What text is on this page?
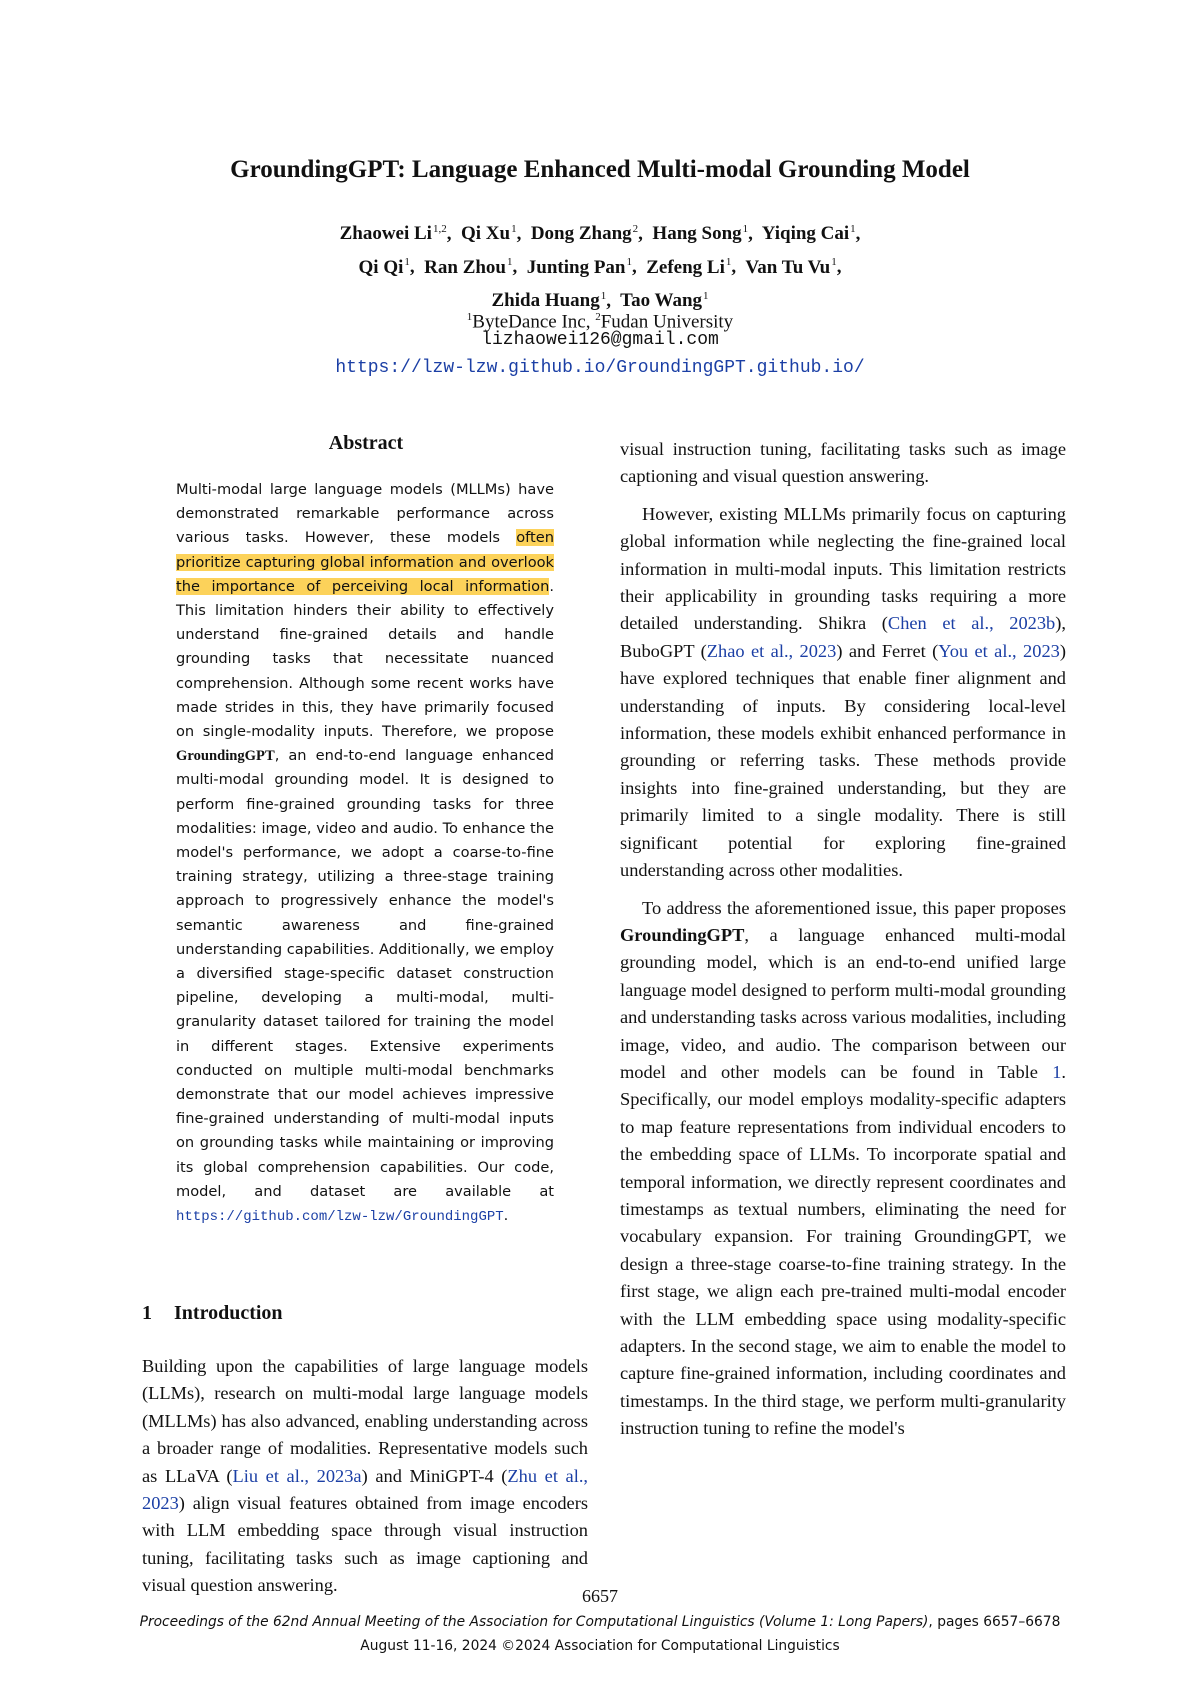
GroundingGPT: Language Enhanced Multi-modal Grounding Model
Zhaowei Li$^{1,2}$,  Qi Xu$^1$,  Dong Zhang$^2$,  Hang Song$^1$,  Yiqing Cai$^1$,
Qi Qi$^1$,  Ran Zhou$^1$,  Junting Pan$^1$,  Zefeng Li$^1$,  Van Tu Vu$^1$,
Zhida Huang$^1$,  Tao Wang$^1$
$^1$ByteDance Inc, $^2$Fudan University
lizhaowei126@gmail.com
https://lzw-lzw.github.io/GroundingGPT.github.io/
Abstract
Multi-modal large language models (MLLMs) have demonstrated remarkable performance across various tasks. However, these models often prioritize capturing global information and overlook the importance of perceiving local information. This limitation hinders their ability to effectively understand fine-grained details and handle grounding tasks that necessitate nuanced comprehension. Although some recent works have made strides in this, they have primarily focused on single-modality inputs. Therefore, we propose GroundingGPT, an end-to-end language enhanced multi-modal grounding model. It is designed to perform fine-grained grounding tasks for three modalities: image, video and audio. To enhance the model's performance, we adopt a coarse-to-fine training strategy, utilizing a three-stage training approach to progressively enhance the model's semantic awareness and fine-grained understanding capabilities. Additionally, we employ a diversified stage-specific dataset construction pipeline, developing a multi-modal, multi-granularity dataset tailored for training the model in different stages. Extensive experiments conducted on multiple multi-modal benchmarks demonstrate that our model achieves impressive fine-grained understanding of multi-modal inputs on grounding tasks while maintaining or improving its global comprehension capabilities. Our code, model, and dataset are available at https://github.com/lzw-lzw/GroundingGPT.
1 Introduction

Building upon the capabilities of large language models (LLMs), research on multi-modal large language models (MLLMs) has also advanced, enabling understanding across a broader range of modalities. Representative models such as LLaVA (Liu et al., 2023a) and MiniGPT-4 (Zhu et al., 2023) align visual features obtained from image encoders with LLM embedding space through visual instruction tuning, facilitating tasks such as image captioning and visual question answering.

visual instruction tuning, facilitating tasks such as image captioning and visual question answering.

However, existing MLLMs primarily focus on capturing global information while neglecting the fine-grained local information in multi-modal inputs. This limitation restricts their applicability in grounding tasks requiring a more detailed understanding. Shikra (Chen et al., 2023b), BuboGPT (Zhao et al., 2023) and Ferret (You et al., 2023) have explored techniques that enable finer alignment and understanding of inputs. By considering local-level information, these models exhibit enhanced performance in grounding or referring tasks. These methods provide insights into fine-grained understanding, but they are primarily limited to a single modality. There is still significant potential for exploring fine-grained understanding across other modalities.

To address the aforementioned issue, this paper proposes GroundingGPT, a language enhanced multi-modal grounding model, which is an end-to-end unified large language model designed to perform multi-modal grounding and understanding tasks across various modalities, including image, video, and audio. The comparison between our model and other models can be found in Table 1. Specifically, our model employs modality-specific adapters to map feature representations from individual encoders to the embedding space of LLMs. To incorporate spatial and temporal information, we directly represent coordinates and timestamps as textual numbers, eliminating the need for vocabulary expansion. For training GroundingGPT, we design a three-stage coarse-to-fine training strategy. In the first stage, we align each pre-trained multi-modal encoder with the LLM embedding space using modality-specific adapters. In the second stage, we aim to enable the model to capture fine-grained information, including coordinates and timestamps. In the third stage, we perform multi-granularity instruction tuning to refine the model's

6657
Proceedings of the 62nd Annual Meeting of the Association for Computational Linguistics (Volume 1: Long Papers), pages 6657–6678
August 11-16, 2024 ©2024 Association for Computational Linguistics
